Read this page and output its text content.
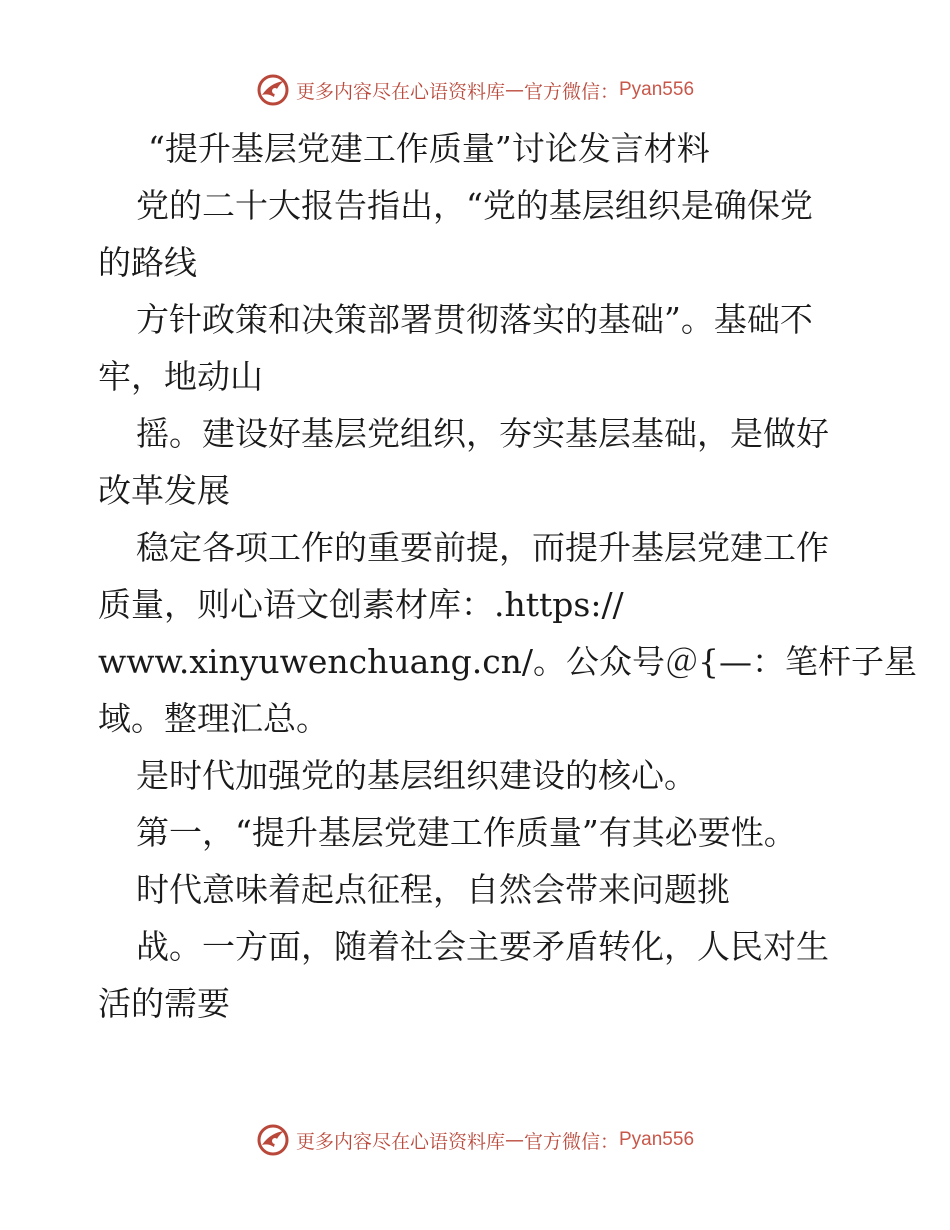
更多内容尽在心语资料库 — 官方微信： Pyan556
“提升基层党建工作质量”讨论发言材料
党的二十大报告指出，“党的基层组织是确保党
的路线
方针政策和决策部署贯彻落实的基础”。基础不
牢，地动山
摇。建设好基层党组织，夯实基层基础，是做好
改革发展
稳定各项工作的重要前提，而提升基层党建工作
质量，则心语文创素材库：.https://
www.xinyuwenchuang.cn/。公众号＠{—：笔杆子星
域。整理汇总。
是时代加强党的基层组织建设的核心。
第一，“提升基层党建工作质量”有其必要性。
时代意味着起点征程，自然会带来问题挑
战。一方面，随着社会主要矛盾转化，人民对生
活的需要
更多内容尽在心语资料库 — 官方微信： Pyan556
